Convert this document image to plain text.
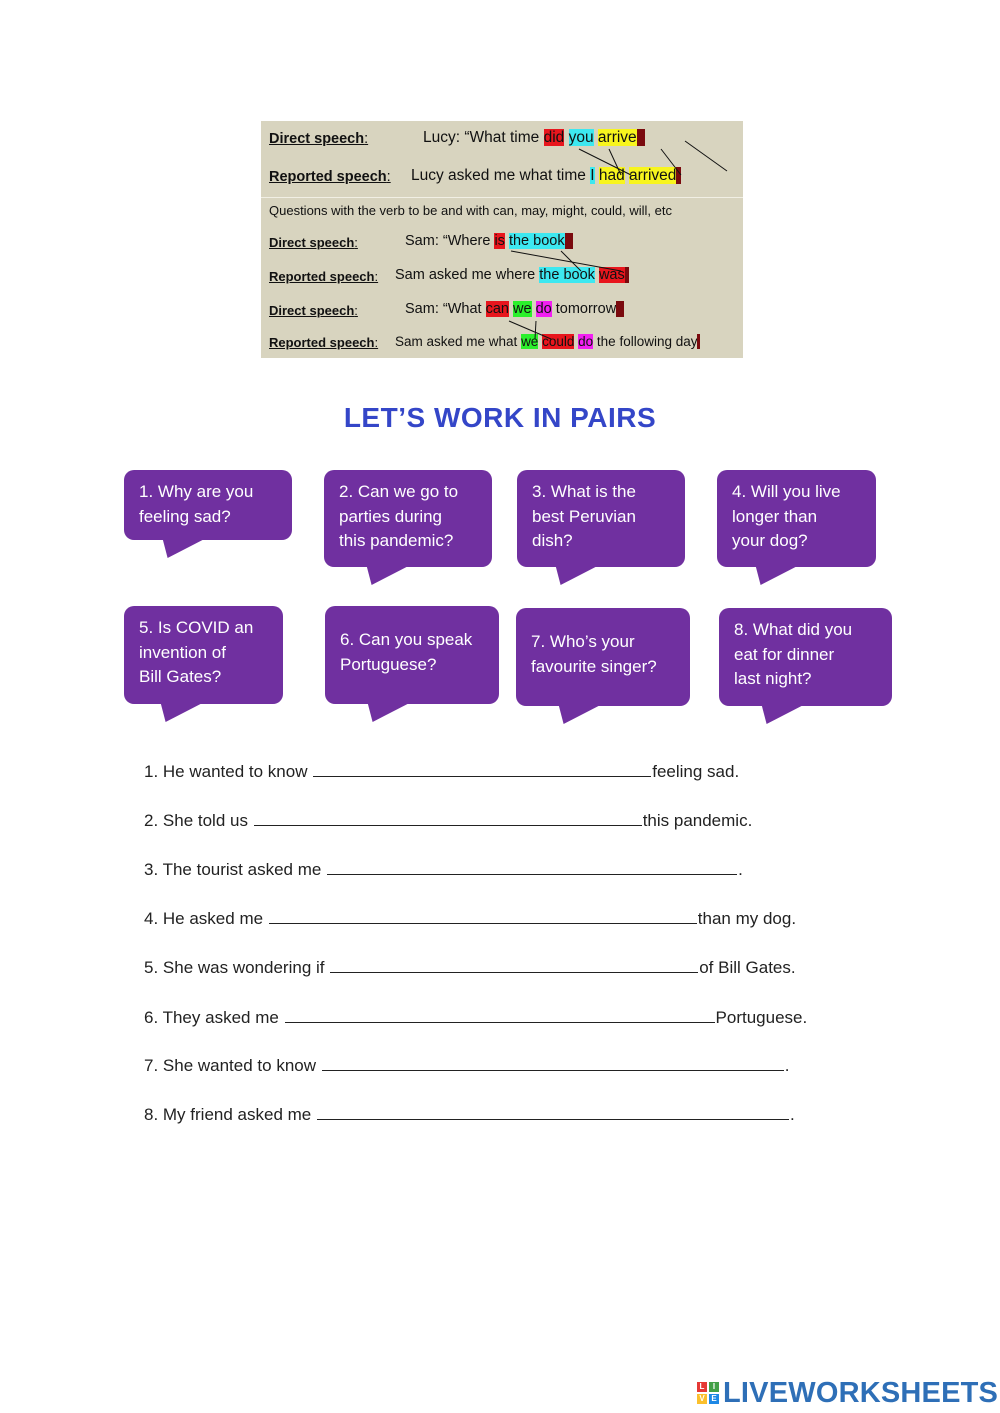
Direct speech:	Lucy: “What time did you arrive?
Reported speech: Lucy asked me what time I had arrived.
Questions with the verb to be and with can, may, might, could, will, etc
Direct speech:	Sam: “Where is the book?
Reported speech: Sam asked me where the book was.
Direct speech:	Sam: “What can we do tomorrow?
Reported speech: Sam asked me what we could do the following day.
LET’S WORK IN PAIRS
1. Why are you
feeling sad?
2. Can we go to
parties during
this pandemic?
3. What is the
best Peruvian
dish?
4. Will you live
longer than
your dog?
5. Is COVID an
invention of
Bill Gates?
6. Can you speak
Portuguese?
7. Who’s your
favourite singer?
8. What did you
eat for dinner
last night?
1. He wanted to know	feeling sad.
2. She told us	this pandemic.
3. The tourist asked me	.
4. He asked me	than my dog.
5. She was wondering if	of Bill Gates.
6. They asked me	Portuguese.
7. She wanted to know	.
8. My friend asked me	.
L	I
V E LIVEWORKSHEETS
